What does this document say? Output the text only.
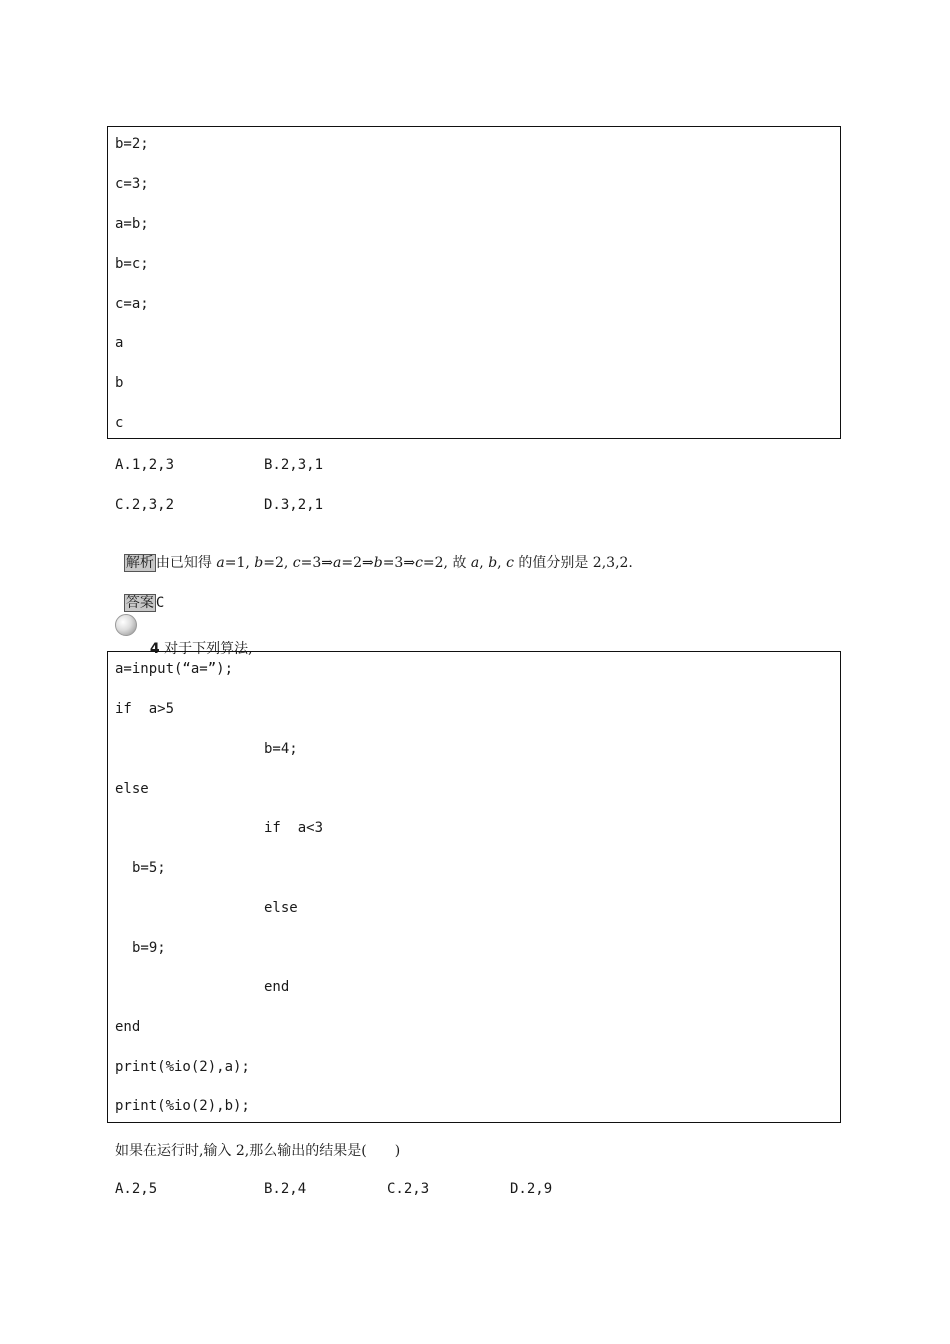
b=2;
c=3;
a=b;
b=c;
c=a;
a
b
c
A.1,2,3	B.2,3,1
C.2,3,2	D.3,2,1

解析 由已知得 a=1, b=2, c=3⇒a=2⇒b=3⇒c=2, 故 a, b, c 的值分别是 2,3,2.

答案 C

4 对于下列算法,

a=input(“a=”);
if  a>5
b=4;
else
if  a<3
b=5;
else
b=9;
end
end
print(%io(2),a);
print(%io(2),b);
如果在运行时,输入 2,那么输出的结果是(　　)
A.2,5	B.2,4	C.2,3	D.2,9
